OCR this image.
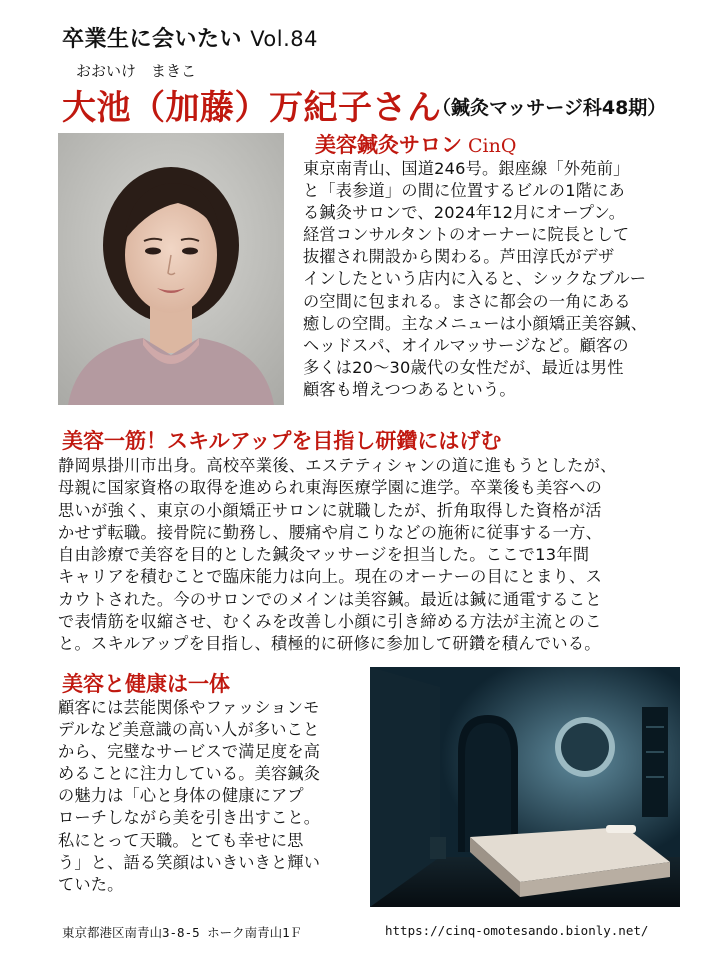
卒業生に会いたい Vol.84
おおいけ　まきこ
大池（加藤）万紀子さん
（鍼灸マッサージ科48期）
美容鍼灸サロン CinQ
東京南青山、国道246号。銀座線「外苑前」
と「表参道」の間に位置するビルの1階にあ
る鍼灸サロンで、2024年12月にオープン。
経営コンサルタントのオーナーに院長として
抜擢され開設から関わる。芦田淳氏がデザ
インしたという店内に入ると、シックなブルー
の空間に包まれる。まさに都会の一角にある
癒しの空間。主なメニューは小顔矯正美容鍼、
ヘッドスパ、オイルマッサージなど。顧客の
多くは20〜30歳代の女性だが、最近は男性
顧客も増えつつあるという。
美容一筋！スキルアップを目指し研鑽にはげむ
静岡県掛川市出身。高校卒業後、エステティシャンの道に進もうとしたが、
母親に国家資格の取得を進められ東海医療学園に進学。卒業後も美容への
思いが強く、東京の小顔矯正サロンに就職したが、折角取得した資格が活
かせず転職。接骨院に勤務し、腰痛や肩こりなどの施術に従事する一方、
自由診療で美容を目的とした鍼灸マッサージを担当した。ここで13年間
キャリアを積むことで臨床能力は向上。現在のオーナーの目にとまり、ス
カウトされた。今のサロンでのメインは美容鍼。最近は鍼に通電すること
で表情筋を収縮させ、むくみを改善し小顔に引き締める方法が主流とのこ
と。スキルアップを目指し、積極的に研修に参加して研鑽を積んでいる。
美容と健康は一体
顧客には芸能関係やファッションモ
デルなど美意識の高い人が多いこと
から、完璧なサービスで満足度を高
めることに注力している。美容鍼灸
の魅力は「心と身体の健康にアプ
ローチしながら美を引き出すこと。
私にとって天職。とても幸せに思
う」と、語る笑顔はいきいきと輝い
ていた。
東京都港区南青山3-8-5 ホーク南青山1Ｆ	https://cinq-omotesando.bionly.net/
